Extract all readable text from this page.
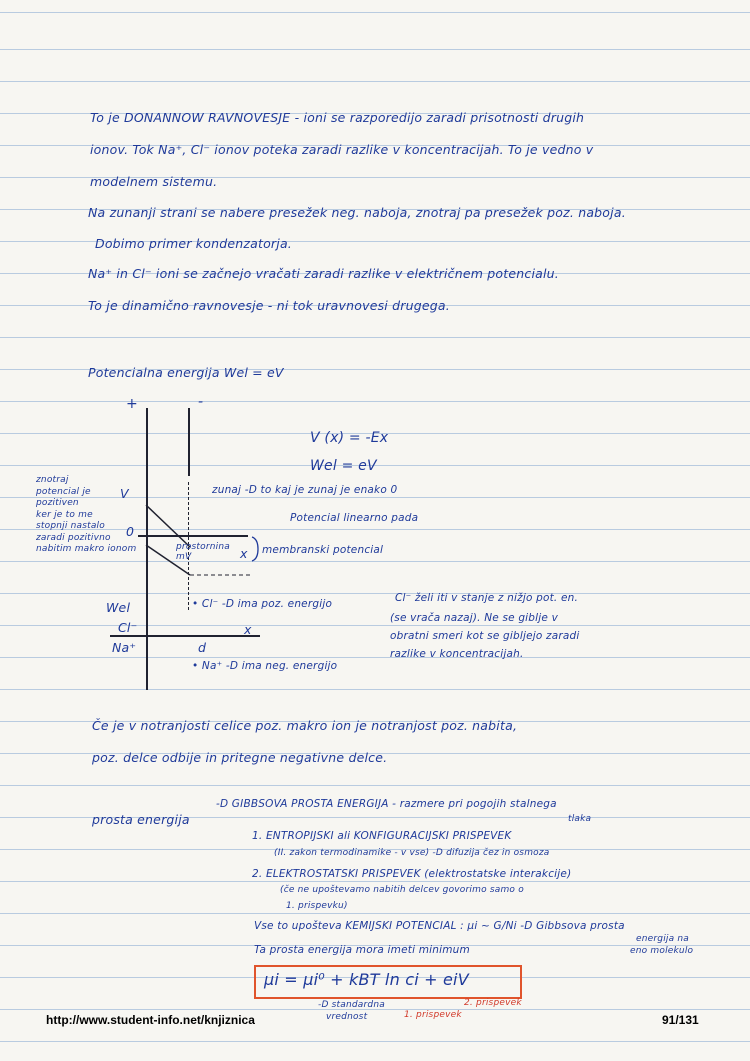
To je DONANNOW RAVNOVESJE - ioni se razporedijo zaradi prisotnosti drugih
ionov. Tok Na⁺, Cl⁻ ionov poteka zaradi razlike v koncentracijah. To je vedno v
modelnem sistemu.
Na zunanji strani se nabere presežek neg. naboja, znotraj pa presežek poz. naboja.
Dobimo primer kondenzatorja.
Na⁺ in Cl⁻ ioni se začnejo vračati zaradi razlike v električnem potencialu.
To je dinamično ravnovesje - ni tok uravnovesi drugega.
Potencialna energija Wel = eV
V (x) = -Ex
Wel = eV
zunaj -D to kaj je zunaj je enako 0
Potencial linearno pada
membranski potencial
+	-
V
0
x
prostornina
mV
znotraj
potencial je
pozitiven
ker je to me
stopnji nastalo
zaradi pozitivno
nabitim makro ionom
Wel
Cl⁻
Na⁺
x
d
• Cl⁻ -D ima poz. energijo
• Na⁺ -D ima neg. energijo
Cl⁻ želi iti v stanje z nižjo pot. en.
(se vrača nazaj). Ne se giblje v
obratni smeri kot se gibljejo zaradi
razlike v koncentracijah.
Če je v notranjosti celice poz. makro ion je notranjost poz. nabita,
poz. delce odbije in pritegne negativne delce.
prosta energija
-D GIBBSOVA PROSTA ENERGIJA - razmere pri pogojih stalnega
tlaka
1. ENTROPIJSKI ali KONFIGURACIJSKI PRISPEVEK
(II. zakon termodinamike - v vse) -D difuzija čez in osmoza
2. ELEKTROSTATSKI PRISPEVEK (elektrostatske interakcije)
(če ne upoštevamo nabitih delcev govorimo samo o
1. prispevku)
Vse to upošteva KEMIJSKI POTENCIAL : μi ~ G/Ni -D Gibbsova prosta
energija na
eno molekulo
Ta prosta energija mora imeti minimum
μi = μi⁰ + kBT ln ci + eiV
-D standardna
vrednost	1. prispevek
2. prispevek
http://www.student-info.net/knjiznica	91/131
